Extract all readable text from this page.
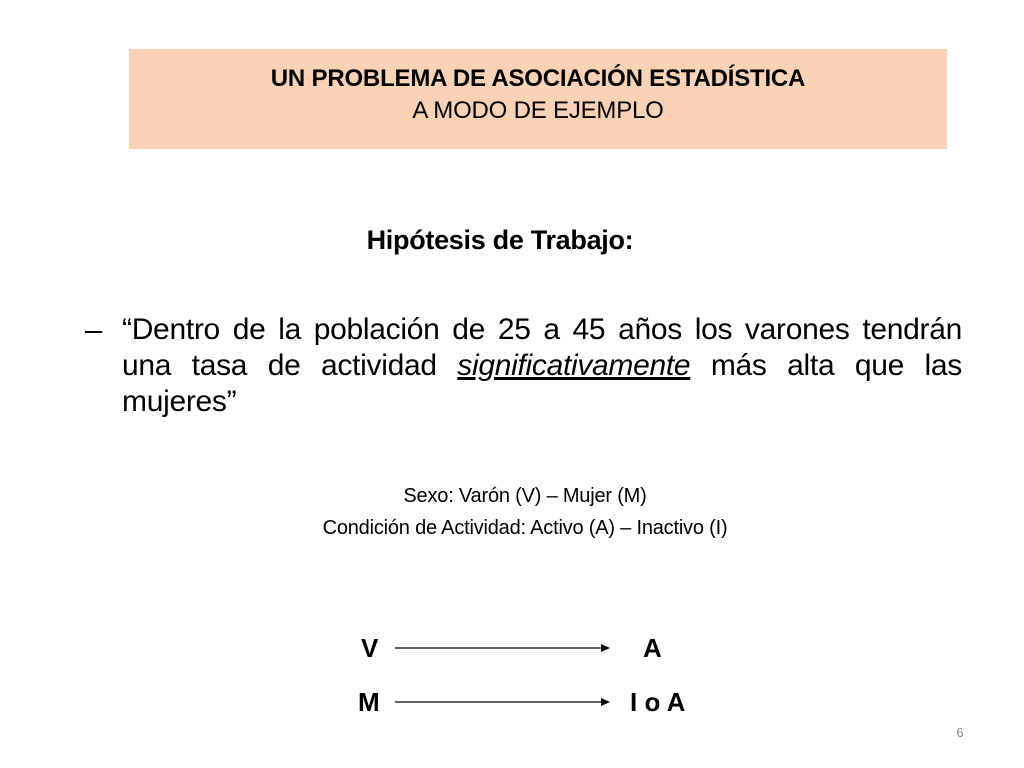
UN PROBLEMA DE ASOCIACIÓN ESTADÍSTICA
A MODO DE EJEMPLO
Hipótesis de Trabajo:
– “Dentro de la población de 25 a 45 años los varones tendrán una tasa de actividad significativamente más alta que las mujeres”
Sexo: Varón (V) – Mujer (M)
Condición de Actividad: Activo (A) – Inactivo (I)
V	A
M	I o A
6
